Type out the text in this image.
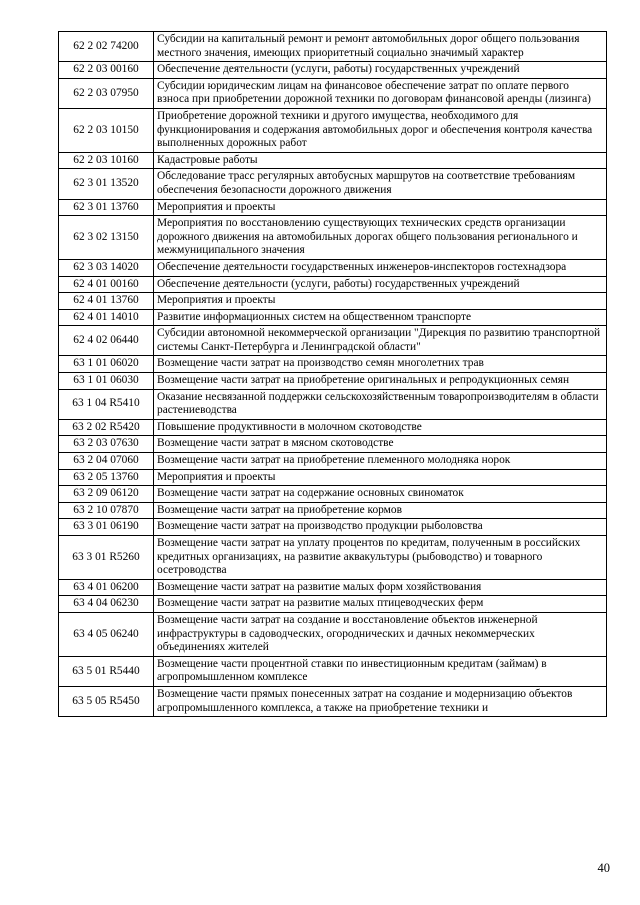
62 2 02 74200	Субсидии на капитальный ремонт и ремонт автомобильных дорог общего пользования местного значения, имеющих приоритетный социально значимый характер
62 2 03 00160	Обеспечение деятельности (услуги, работы) государственных учреждений
62 2 03 07950	Субсидии юридическим лицам на финансовое обеспечение затрат по оплате первого взноса при приобретении дорожной техники по договорам финансовой аренды (лизинга)
62 2 03 10150	Приобретение дорожной техники и другого имущества, необходимого для функционирования и содержания автомобильных дорог и обеспечения контроля качества выполненных дорожных работ
62 2 03 10160	Кадастровые работы
62 3 01 13520	Обследование трасс регулярных автобусных маршрутов на соответствие требованиям обеспечения безопасности дорожного движения
62 3 01 13760	Мероприятия и проекты
62 3 02 13150	Мероприятия по восстановлению существующих технических средств организации дорожного движения на автомобильных дорогах общего пользования регионального и межмуниципального значения
62 3 03 14020	Обеспечение деятельности государственных инженеров-инспекторов гостехнадзора
62 4 01 00160	Обеспечение деятельности (услуги, работы) государственных учреждений
62 4 01 13760	Мероприятия и проекты
62 4 01 14010	Развитие информационных систем на общественном транспорте
62 4 02 06440	Субсидии автономной некоммерческой организации "Дирекция по развитию транспортной системы Санкт-Петербурга и Ленинградской области"
63 1 01 06020	Возмещение части затрат на производство семян многолетних трав
63 1 01 06030	Возмещение части затрат на приобретение оригинальных и репродукционных семян
63 1 04 R5410	Оказание несвязанной поддержки сельскохозяйственным товаропроизводителям в области растениеводства
63 2 02 R5420	Повышение продуктивности в молочном скотоводстве
63 2 03 07630	Возмещение части затрат в мясном скотоводстве
63 2 04 07060	Возмещение части затрат на приобретение племенного молодняка норок
63 2 05 13760	Мероприятия и проекты
63 2 09 06120	Возмещение части затрат на содержание основных свиноматок
63 2 10 07870	Возмещение части затрат на приобретение кормов
63 3 01 06190	Возмещение части затрат на производство продукции рыболовства
63 3 01 R5260	Возмещение части затрат на уплату процентов по кредитам, полученным в российских кредитных организациях, на развитие аквакультуры (рыбоводство) и товарного осетроводства
63 4 01 06200	Возмещение части затрат на развитие малых форм хозяйствования
63 4 04 06230	Возмещение части затрат на развитие малых птицеводческих ферм
63 4 05 06240	Возмещение части затрат на создание и восстановление объектов инженерной инфраструктуры в садоводческих, огороднических и дачных некоммерческих объединениях жителей
63 5 01 R5440	Возмещение части процентной ставки по инвестиционным кредитам (займам) в агропромышленном комплексе
63 5 05 R5450	Возмещение части прямых понесенных затрат на создание и модернизацию объектов агропромышленного комплекса, а также на приобретение техники и
40
